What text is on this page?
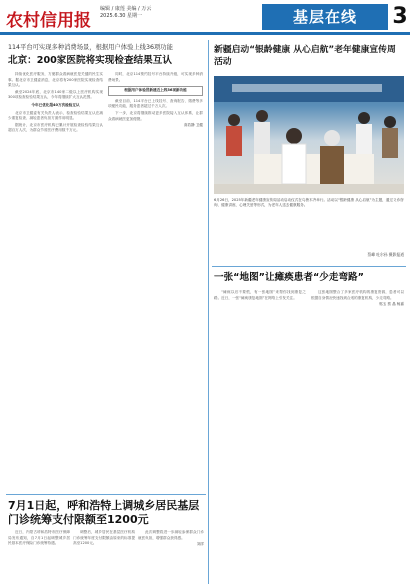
农村信用报
编辑 / 康莲 美编 / 万云
2025.6.30 星期一	基层在线	3
114平台可实现多种消费场景，根据用户体验上线36项功能
北京：200家医院将实现检查结果互认

持续优化医疗服务，方便群众看病就医是关键的民生实事。据北京市卫健委消息，北京将有200家医院实现检查结果互认。

截至2024年底，北京市140家二级以上医疗机构实现300项检查检验结果互认，今年将继续扩大互认范围。

今年已优化超40万次检验互认

北京市卫健委有关负责人表示，检查检验结果互认在减少重复检查、减轻患者负担方面作用明显。

据统计，北京市医疗机构已累计开展检查检验结果互认超百万人次，为群众节省医疗费用数千万元。

同时，北京114预约挂号平台持续升级，可实现多种消费场景。

根据用户体验冒新建近上线36项新功能

截至目前，114平台已上线挂号、查询报告、缴费等多项便民功能，服务患者超过千万人次。

下一步，北京将继续推动更多医院接入互认体系，让群众看病就医更加便捷。

高若静 卫健

7月1日起，呼和浩特上调城乡居民基层门诊统筹支付限额至1200元

近日，内蒙古呼和浩特市医疗保障局发布通知，自7月1日起调整城乡居民基本医疗保险门诊统筹待遇。

调整后，城乡居民在基层医疗机构门诊统筹年度支付限额由原来的标准提高至1200元。

此次调整将进一步减轻参保群众门诊就医负担，增强群众获得感。

刘洋

新疆启动“银龄健康 从心启航”老年健康宣传周活动
6月26日，2025年新疆老年健康宣传周活动启动仪式在乌鲁木齐举行。活动以“银龄健康 从心启航”为主题，通过义诊咨询、健康讲座、心理关爱等形式，为老年人送去健康服务。
蔡峰 吐尔孙 摄影报道
一张“地图”让瘫痪患者“少走弯路”

“瘫痪以后不要慌，有一张地图”来帮你找到康复之路。近日，一张“瘫痪康复地图”在网络上引发关注。

这张地图整合了多家医疗机构的康复资源，患者可以根据自身情况快速找到合适的康复机构，少走弯路。

郭玉 蔡 晶 杨嘉
